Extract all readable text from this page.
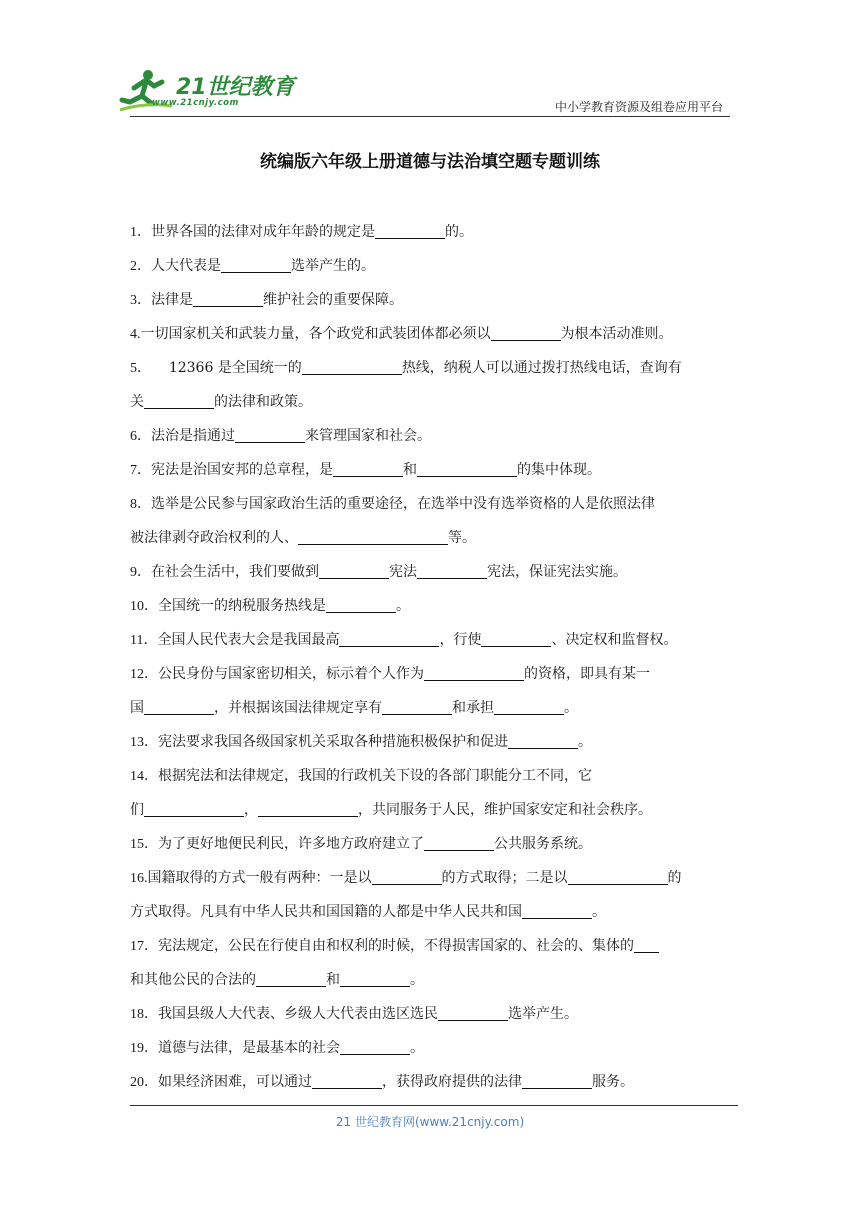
21世纪教育
www.21cnjy.com	中小学教育资源及组卷应用平台
统编版六年级上册道德与法治填空题专题训练
1．世界各国的法律对成年年龄的规定是	的。
2．人大代表是	选举产生的。
3．法律是	维护社会的重要保障。
4.一切国家机关和武装力量，各个政党和武装团体都必须以	为根本活动准则。
5． 12366 是全国统一的	热线，纳税人可以通过拨打热线电话，查询有
关	的法律和政策。
6．法治是指通过	来管理国家和社会。
7．宪法是治国安邦的总章程，是	和	的集中体现。
8．选举是公民参与国家政治生活的重要途径，在选举中没有选举资格的人是依照法律
被法律剥夺政治权利的人、	等。
9．在社会生活中，我们要做到	宪法	宪法，保证宪法实施。
10．全国统一的纳税服务热线是	。
11．全国人民代表大会是我国最高	，行使	、决定权和监督权。
12．公民身份与国家密切相关，标示着个人作为	的资格，即具有某一
国	，并根据该国法律规定享有	和承担	。
13．宪法要求我国各级国家机关采取各种措施积极保护和促进	。
14．根据宪法和法律规定，我国的行政机关下设的各部门职能分工不同，它
们	，	，共同服务于人民，维护国家安定和社会秩序。
15．为了更好地便民利民，许多地方政府建立了	公共服务系统。
16.国籍取得的方式一般有两种：一是以	的方式取得；二是以	的
方式取得。凡具有中华人民共和国国籍的人都是中华人民共和国	。
17．宪法规定，公民在行使自由和权利的时候，不得损害国家的、社会的、集体的
和其他公民的合法的	和	。
18．我国县级人大代表、乡级人大代表由选区选民	选举产生。
19．道德与法律，是最基本的社会	。
20．如果经济困难，可以通过	，获得政府提供的法律	服务。
21 世纪教育网(www.21cnjy.com)
